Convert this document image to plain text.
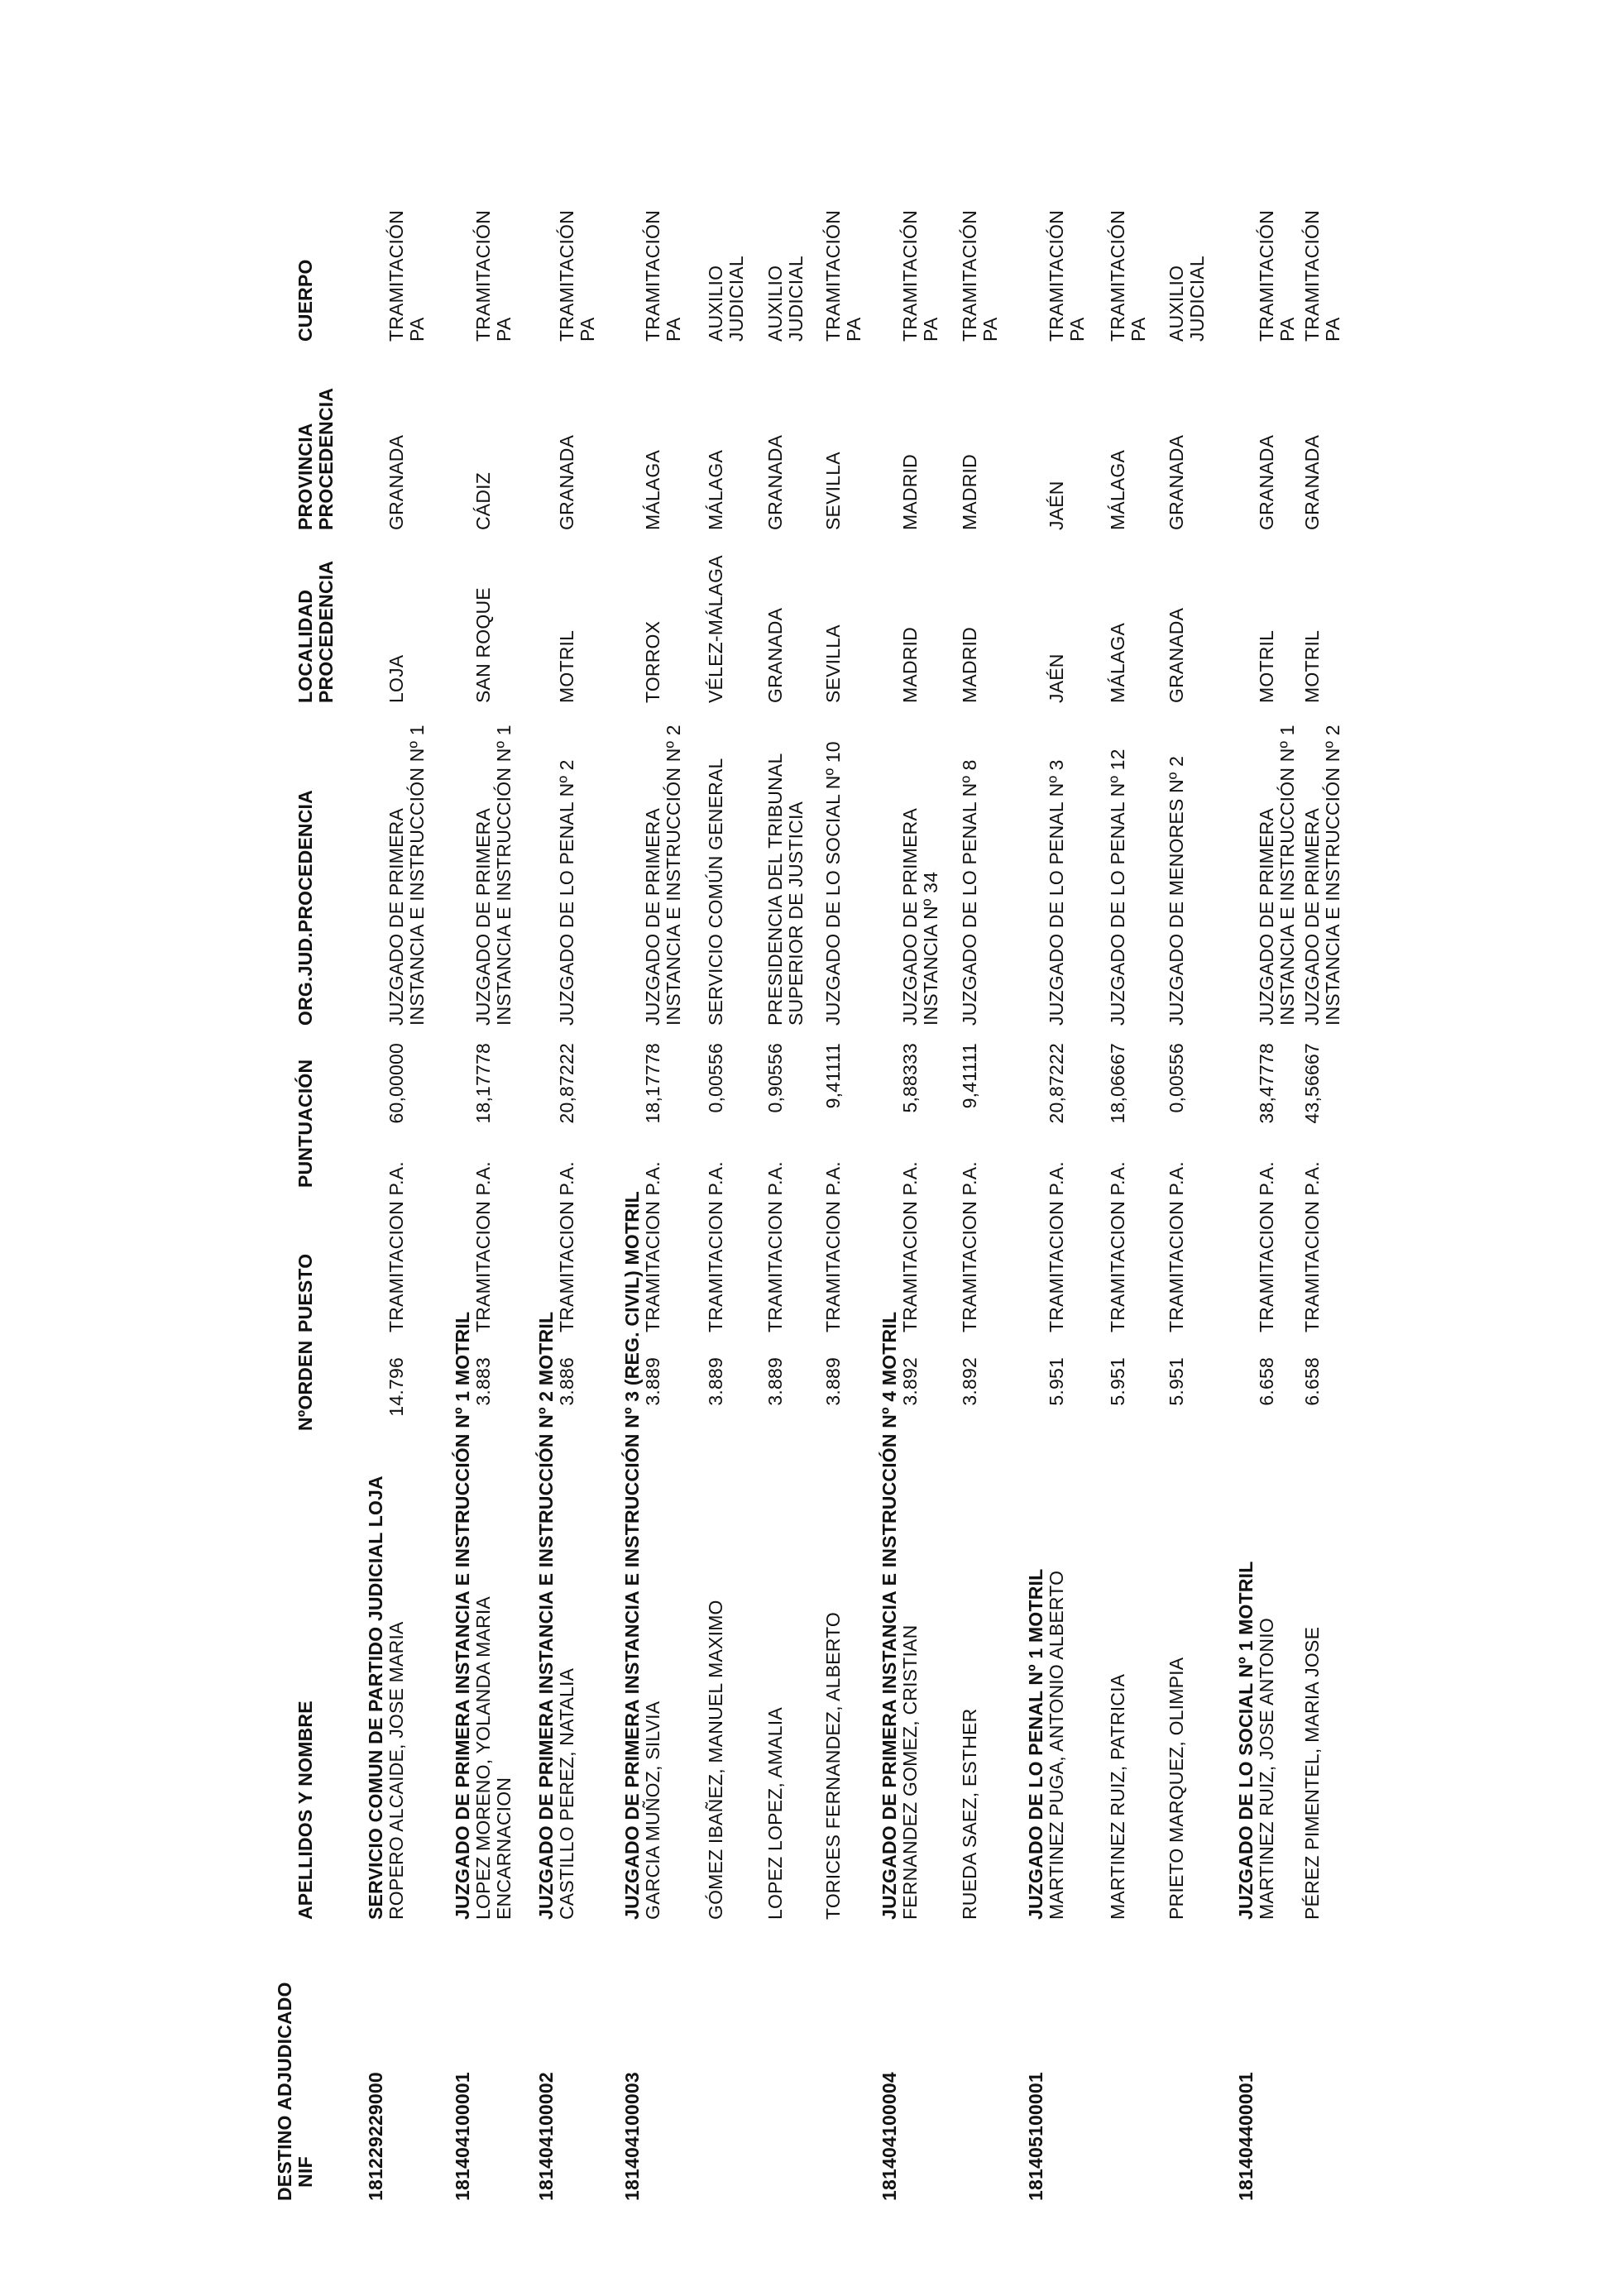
DESTINO ADJUDICADO NIF
APELLIDOS Y NOMBRE
NºORDEN
PUESTO
PUNTUACIÓN
ORG.JUD.PROCEDENCIA
LOCALIDAD PROCEDENCIA
PROVINCIA PROCEDENCIA
CUERPO
181229229000
SERVICIO COMUN DE PARTIDO JUDICIAL LOJA ROPERO ALCAIDE, JOSE MARIA
14.796
TRAMITACION P.A.
60,00000
JUZGADO DE PRIMERA INSTANCIA E INSTRUCCIÓN Nº 1
LOJA
GRANADA
TRAMITACIÓN PA
181404100001
JUZGADO DE PRIMERA INSTANCIA E INSTRUCCIÓN Nº 1 MOTRIL LOPEZ MORENO, YOLANDA MARIA ENCARNACION
3.883
TRAMITACION P.A.
18,17778
JUZGADO DE PRIMERA INSTANCIA E INSTRUCCIÓN Nº 1
SAN ROQUE
CÁDIZ
TRAMITACIÓN PA
181404100002
JUZGADO DE PRIMERA INSTANCIA E INSTRUCCIÓN Nº 2 MOTRIL CASTILLO PEREZ, NATALIA
3.886
TRAMITACION P.A.
20,87222
JUZGADO DE LO PENAL Nº 2
MOTRIL
GRANADA
TRAMITACIÓN PA
181404100003
JUZGADO DE PRIMERA INSTANCIA E INSTRUCCIÓN Nº 3 (REG. CIVIL) MOTRIL GARCIA MUÑOZ, SILVIA
3.889
TRAMITACION P.A.
18,17778
JUZGADO DE PRIMERA INSTANCIA E INSTRUCCIÓN Nº 2
TORROX
MÁLAGA
TRAMITACIÓN PA
GÓMEZ IBAÑEZ, MANUEL MAXIMO
3.889
TRAMITACION P.A.
0,00556
SERVICIO COMÚN GENERAL
VÉLEZ-MÁLAGA
MÁLAGA
AUXILIO JUDICIAL
LOPEZ LOPEZ, AMALIA
3.889
TRAMITACION P.A.
0,90556
PRESIDENCIA DEL TRIBUNAL SUPERIOR DE JUSTICIA
GRANADA
GRANADA
AUXILIO JUDICIAL
TORICES FERNANDEZ, ALBERTO
3.889
TRAMITACION P.A.
9,41111
JUZGADO DE LO SOCIAL Nº 10
SEVILLA
SEVILLA
TRAMITACIÓN PA
181404100004
JUZGADO DE PRIMERA INSTANCIA E INSTRUCCIÓN Nº 4 MOTRIL FERNANDEZ GOMEZ, CRISTIAN
3.892
TRAMITACION P.A.
5,88333
JUZGADO DE PRIMERA INSTANCIA Nº 34
MADRID
MADRID
TRAMITACIÓN PA
RUEDA SAEZ, ESTHER
3.892
TRAMITACION P.A.
9,41111
JUZGADO DE LO PENAL Nº 8
MADRID
MADRID
TRAMITACIÓN PA
181405100001
JUZGADO DE LO PENAL Nº 1 MOTRIL MARTINEZ PUGA, ANTONIO ALBERTO
5.951
TRAMITACION P.A.
20,87222
JUZGADO DE LO PENAL Nº 3
JAÉN
JAÉN
TRAMITACIÓN PA
MARTINEZ RUIZ, PATRICIA
5.951
TRAMITACION P.A.
18,06667
JUZGADO DE LO PENAL Nº 12
MÁLAGA
MÁLAGA
TRAMITACIÓN PA
PRIETO MARQUEZ, OLIMPIA
5.951
TRAMITACION P.A.
0,00556
JUZGADO DE MENORES Nº 2
GRANADA
GRANADA
AUXILIO JUDICIAL
181404400001
JUZGADO DE LO SOCIAL Nº 1 MOTRIL MARTINEZ RUIZ, JOSE ANTONIO
6.658
TRAMITACION P.A.
38,47778
JUZGADO DE PRIMERA INSTANCIA E INSTRUCCIÓN Nº 1
MOTRIL
GRANADA
TRAMITACIÓN PA
PÉREZ PIMENTEL, MARIA JOSE
6.658
TRAMITACION P.A.
43,56667
JUZGADO DE PRIMERA INSTANCIA E INSTRUCCIÓN Nº 2
MOTRIL
GRANADA
TRAMITACIÓN PA
